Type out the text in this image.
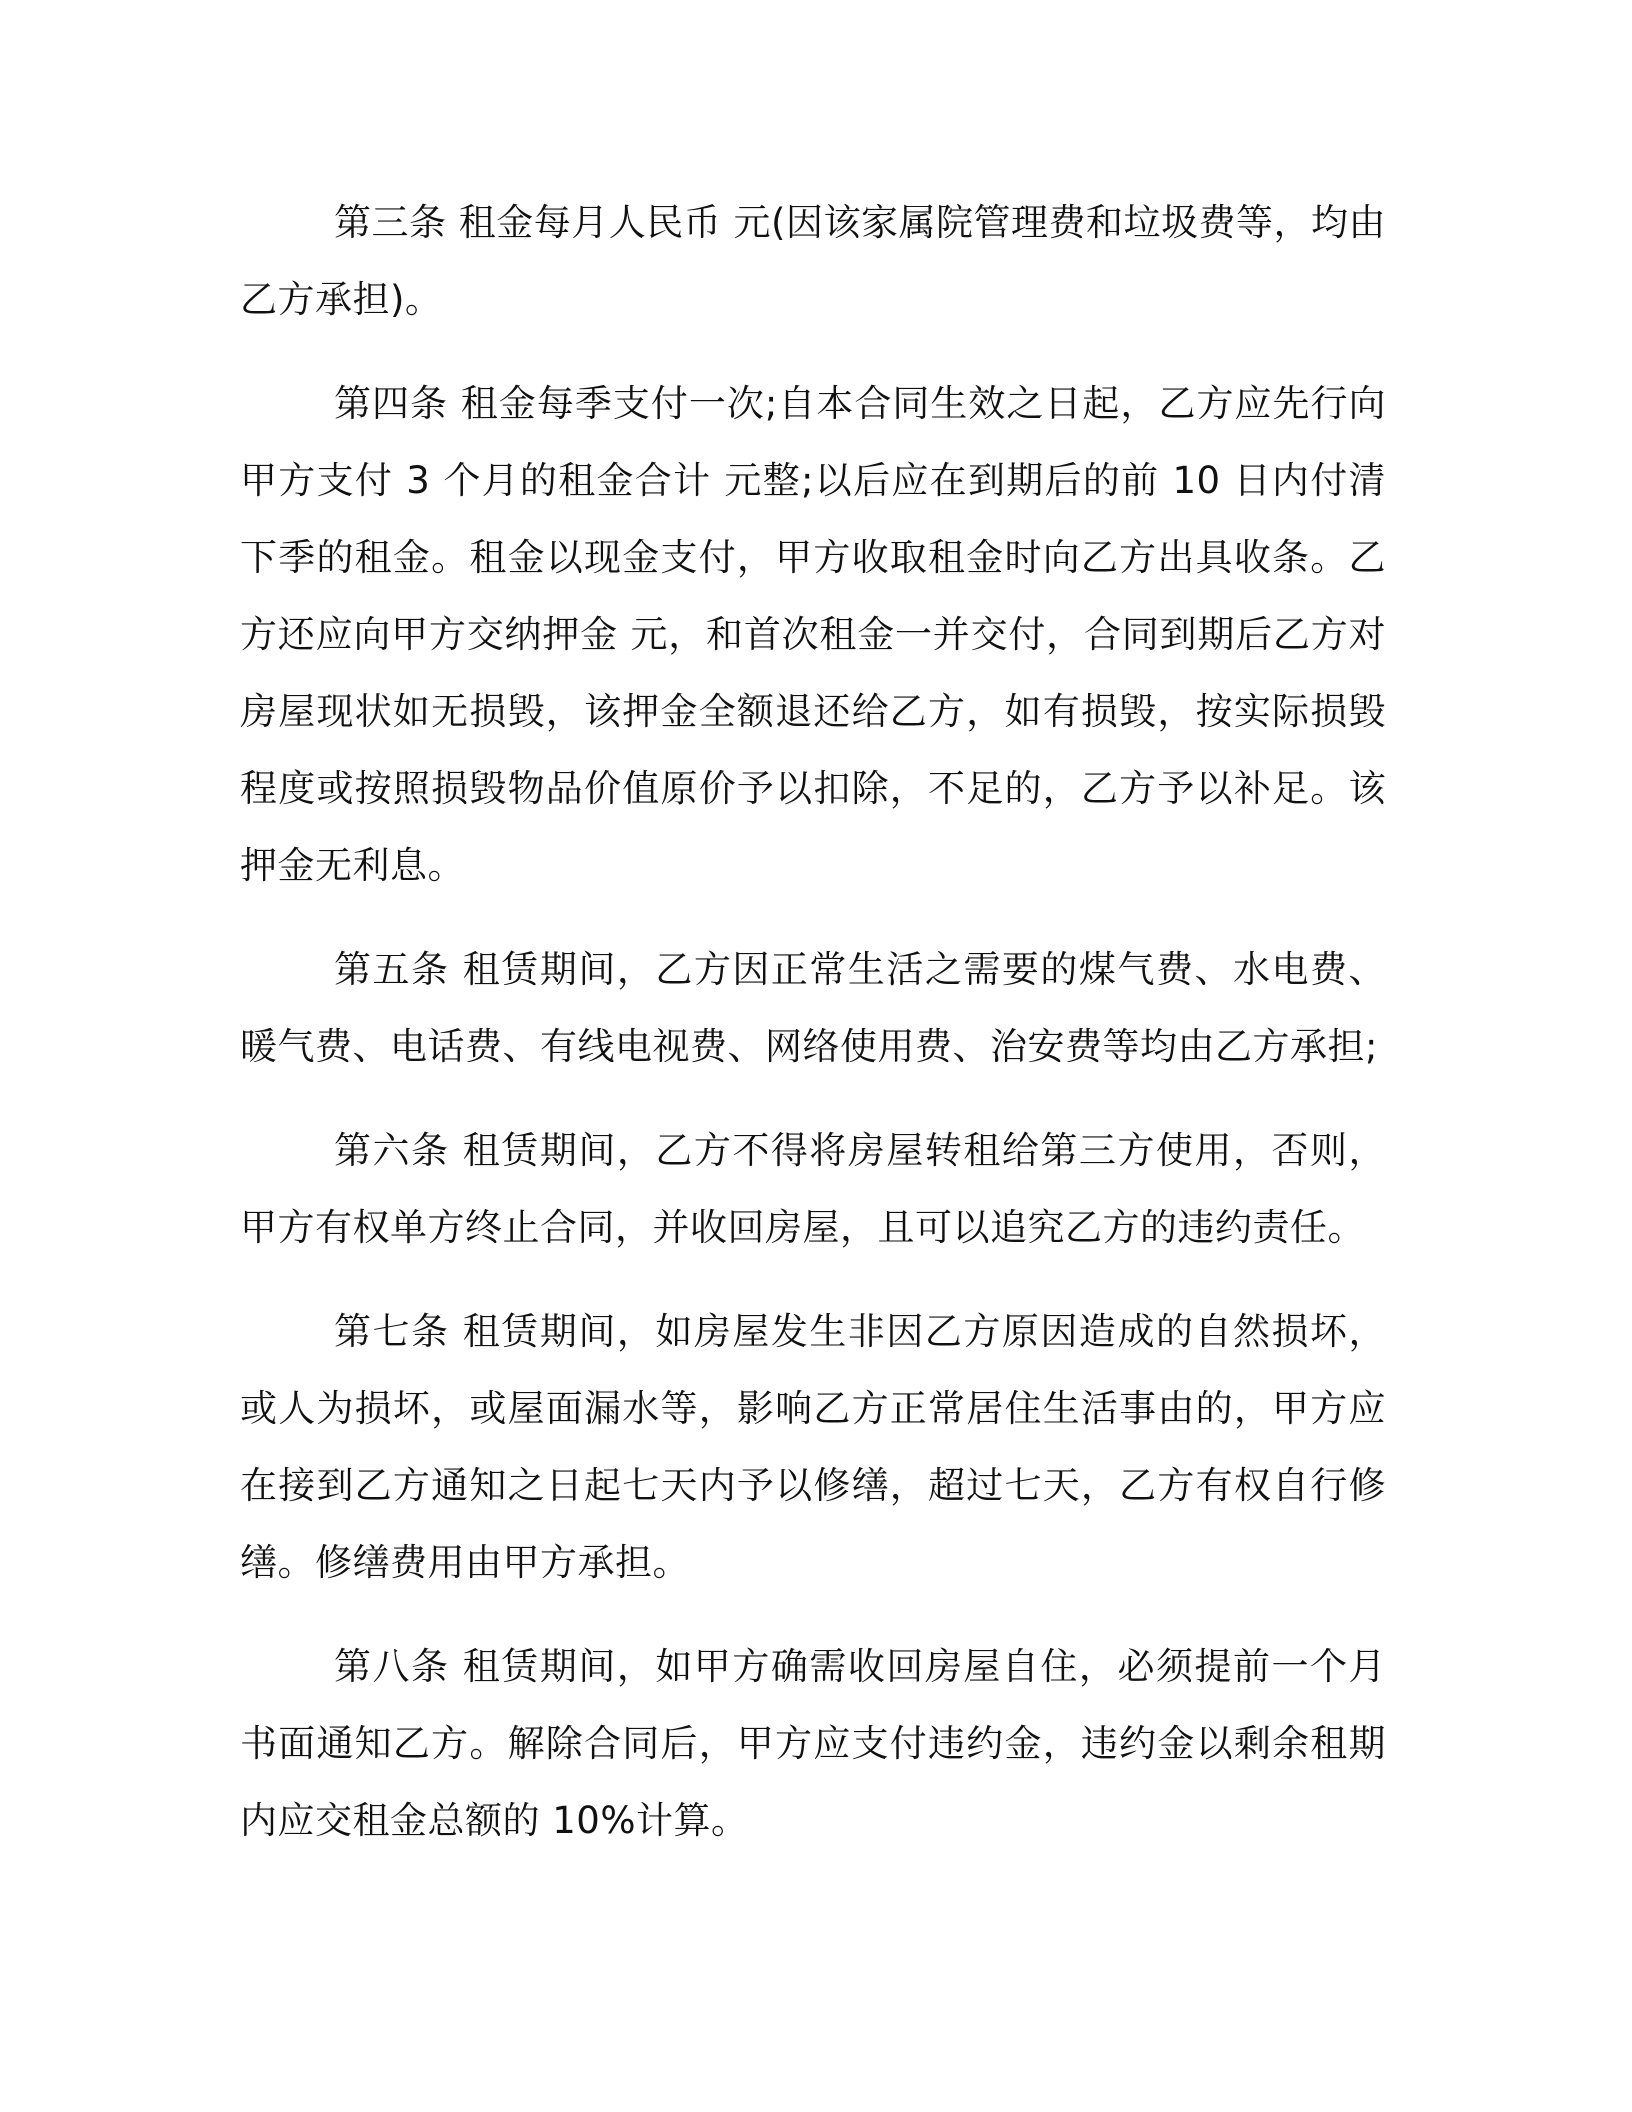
第三条 租金每月人民币 元(因该家属院管理费和垃圾费等，均由乙方承担)。

第四条 租金每季支付一次;自本合同生效之日起，乙方应先行向甲方支付 3 个月的租金合计 元整;以后应在到期后的前 10 日内付清下季的租金。租金以现金支付，甲方收取租金时向乙方出具收条。乙方还应向甲方交纳押金 元，和首次租金一并交付，合同到期后乙方对房屋现状如无损毁，该押金全额退还给乙方，如有损毁，按实际损毁程度或按照损毁物品价值原价予以扣除，不足的，乙方予以补足。该押金无利息。

第五条 租赁期间，乙方因正常生活之需要的煤气费、水电费、暖气费、电话费、有线电视费、网络使用费、治安费等均由乙方承担;

第六条 租赁期间，乙方不得将房屋转租给第三方使用，否则，甲方有权单方终止合同，并收回房屋，且可以追究乙方的违约责任。

第七条 租赁期间，如房屋发生非因乙方原因造成的自然损坏，或人为损坏，或屋面漏水等，影响乙方正常居住生活事由的，甲方应在接到乙方通知之日起七天内予以修缮，超过七天，乙方有权自行修缮。修缮费用由甲方承担。

第八条 租赁期间，如甲方确需收回房屋自住，必须提前一个月书面通知乙方。解除合同后，甲方应支付违约金，违约金以剩余租期内应交租金总额的 10%计算。
